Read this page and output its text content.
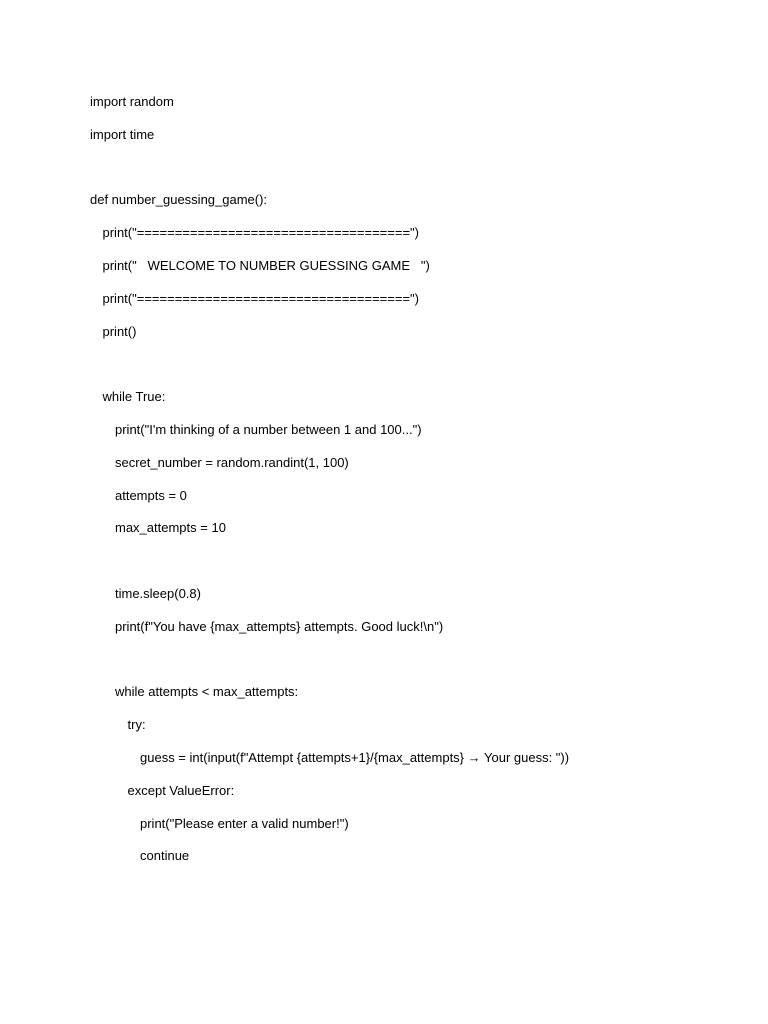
import random
import time
def number_guessing_game():
print("====================================")
print("   WELCOME TO NUMBER GUESSING GAME   ")
print("====================================")
print()
while True:
print("I'm thinking of a number between 1 and 100...")
secret_number = random.randint(1, 100)
attempts = 0
max_attempts = 10
time.sleep(0.8)
print(f"You have {max_attempts} attempts. Good luck!\n")
while attempts < max_attempts:
try:
guess = int(input(f"Attempt {attempts+1}/{max_attempts} → Your guess: "))
except ValueError:
print("Please enter a valid number!")
continue
